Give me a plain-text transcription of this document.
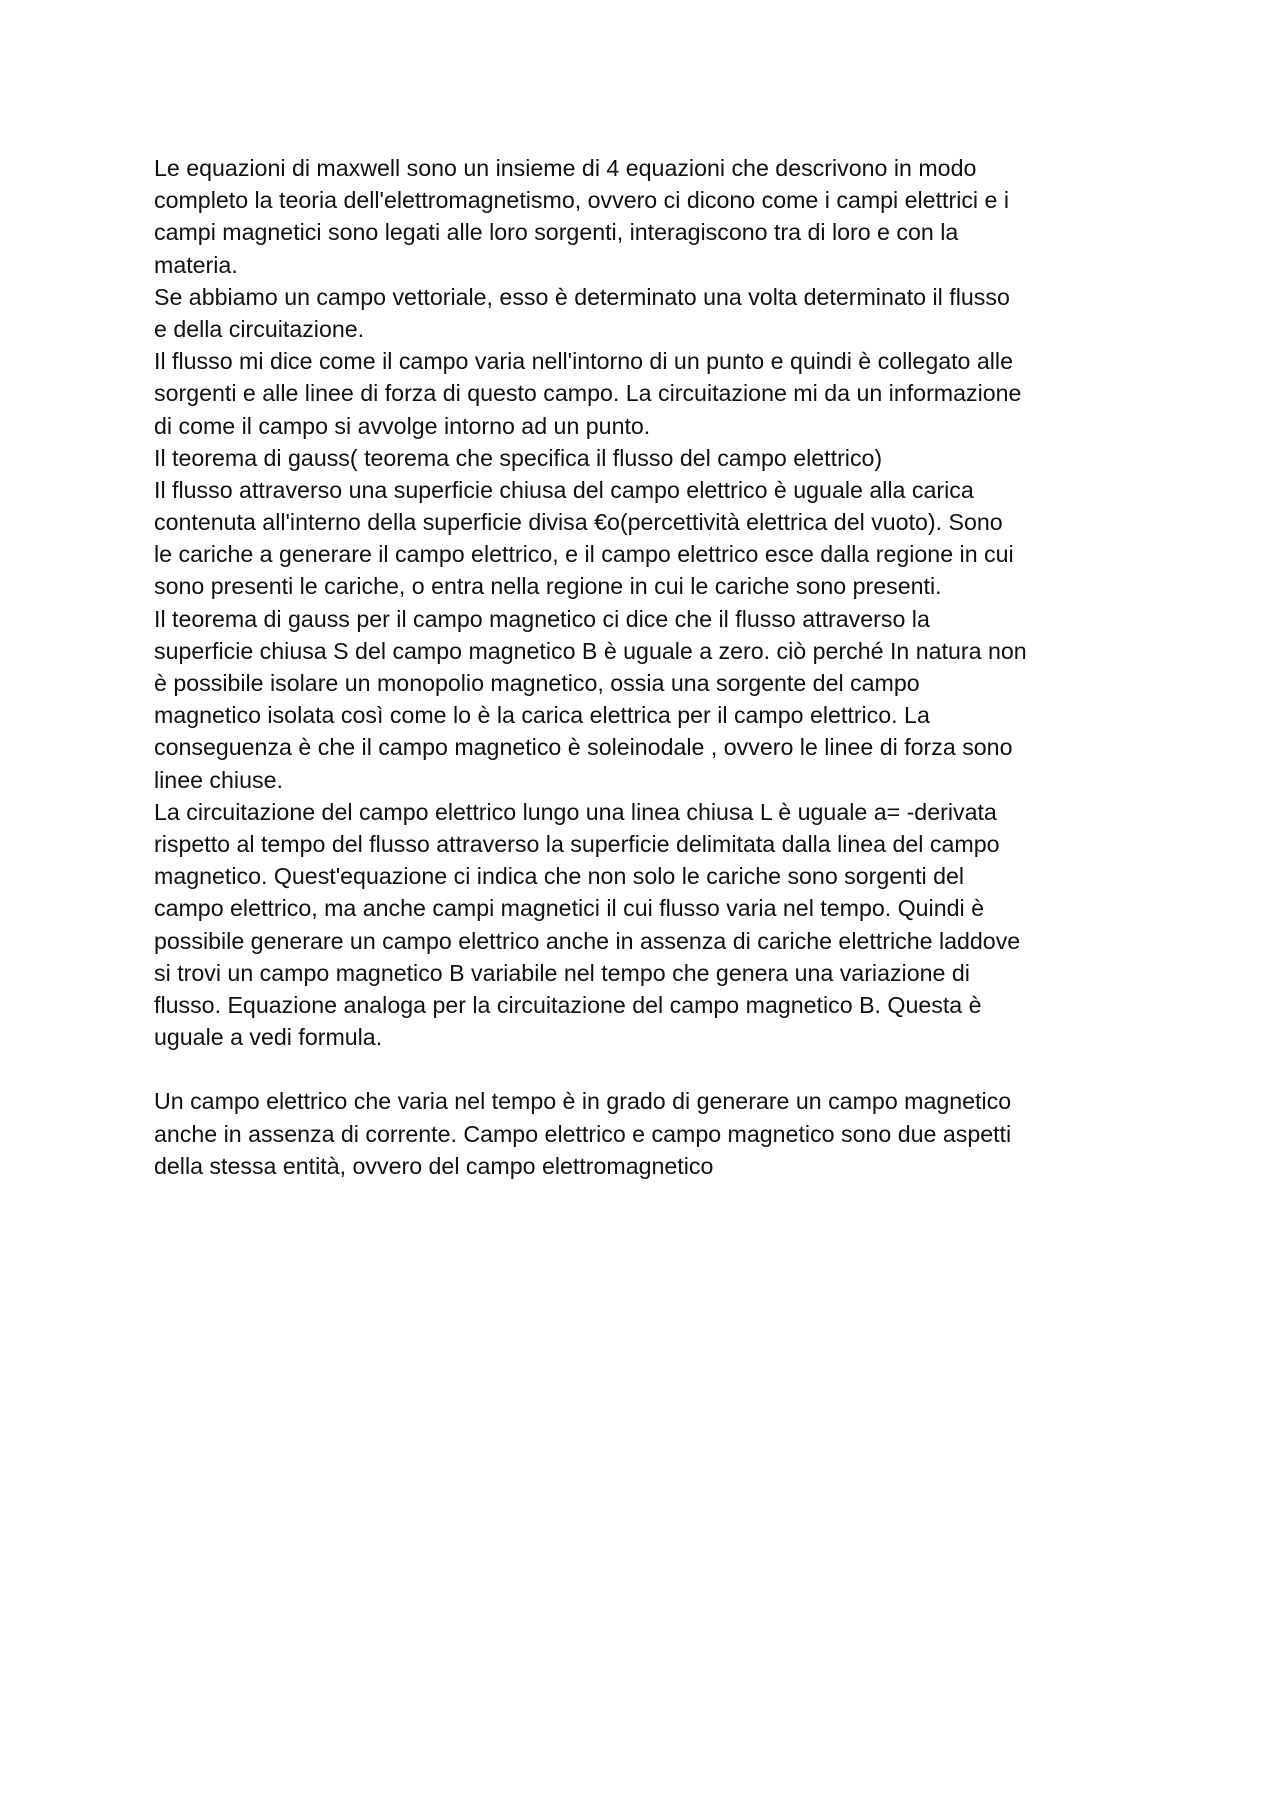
Le equazioni di maxwell sono un insieme di 4 equazioni che descrivono in modo
completo la teoria dell'elettromagnetismo, ovvero ci dicono come i campi elettrici e i
campi magnetici sono legati alle loro sorgenti, interagiscono tra di loro e con la
materia.
Se abbiamo un campo vettoriale, esso è determinato una volta determinato il flusso
e della circuitazione.
Il flusso mi dice come il campo varia nell'intorno di un punto e quindi è collegato alle
sorgenti e alle linee di forza di questo campo. La circuitazione mi da un informazione
di come il campo si avvolge intorno ad un punto.
Il teorema di gauss( teorema che specifica il flusso del campo elettrico)
Il flusso attraverso una superficie chiusa del campo elettrico è uguale alla carica
contenuta all'interno della superficie divisa €o(percettività elettrica del vuoto). Sono
le cariche a generare il campo elettrico, e il campo elettrico esce dalla regione in cui
sono presenti le cariche, o entra nella regione in cui le cariche sono presenti.
Il teorema di gauss per il campo magnetico ci dice che il flusso attraverso la
superficie chiusa S del campo magnetico B è uguale a zero. ciò perché In natura non
è possibile isolare un monopolio magnetico, ossia una sorgente del campo
magnetico isolata così come lo è la carica elettrica per il campo elettrico. La
conseguenza è che il campo magnetico è soleinodale , ovvero le linee di forza sono
linee chiuse.
La circuitazione del campo elettrico lungo una linea chiusa L è uguale a= -derivata
rispetto al tempo del flusso attraverso la superficie delimitata dalla linea del campo
magnetico. Quest'equazione ci indica che non solo le cariche sono sorgenti del
campo elettrico, ma anche campi magnetici il cui flusso varia nel tempo. Quindi è
possibile generare un campo elettrico anche in assenza di cariche elettriche laddove
si trovi un campo magnetico B variabile nel tempo che genera una variazione di
flusso. Equazione analoga per la circuitazione del campo magnetico B. Questa è
uguale a vedi formula.
Un campo elettrico che varia nel tempo è in grado di generare un campo magnetico
anche in assenza di corrente. Campo elettrico e campo magnetico sono due aspetti
della stessa entità, ovvero del campo elettromagnetico
